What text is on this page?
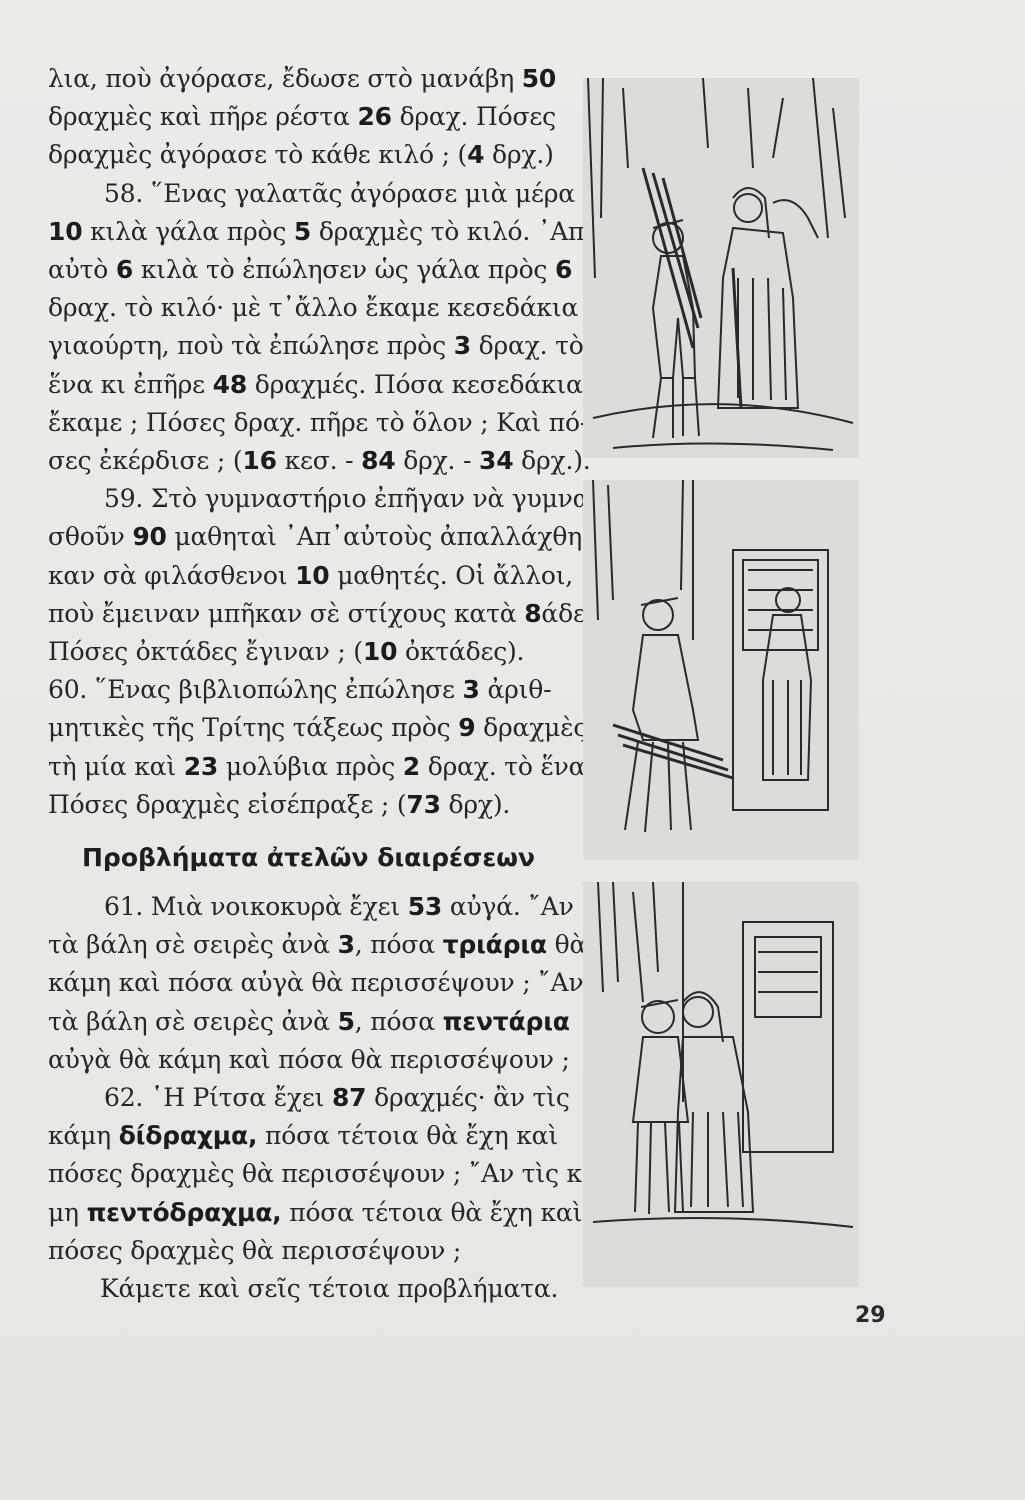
λια, ποὺ ἀγόρασε, ἔδωσε στὸ μανάβη 50
δραχμὲς καὶ πῆρε ρέστα 26 δραχ. Πόσες
δραχμὲς ἀγόρασε τὸ κάθε κιλό ; (4 δρχ.)
58. ῞Ενας γαλατᾶς ἀγόρασε μιὰ μέρα
10 κιλὰ γάλα πρὸς 5 δραχμὲς τὸ κιλό. ᾽Απ᾽
αὐτὸ 6 κιλὰ τὸ ἐπώλησεν ὡς γάλα πρὸς 6
δραχ. τὸ κιλό· μὲ τ᾽ἄλλο ἔκαμε κεσεδάκια
γιαούρτη, ποὺ τὰ ἐπώλησε πρὸς 3 δραχ. τὸ
ἕνα κι ἐπῆρε 48 δραχμές. Πόσα κεσεδάκια
ἔκαμε ; Πόσες δραχ. πῆρε τὸ ὅλον ; Καὶ πό-
σες ἐκέρδισε ; (16 κεσ. - 84 δρχ. - 34 δρχ.).
59. Στὸ γυμναστήριο ἐπῆγαν νὰ γυμνα-
σθοῦν 90 μαθηταὶ ᾽Απ᾽αὐτοὺς ἀπαλλάχθη-
καν σὰ φιλάσθενοι 10 μαθητές. Οἱ ἄλλοι,
ποὺ ἔμειναν μπῆκαν σὲ στίχους κατὰ 8άδες.
Πόσες ὀκτάδες ἔγιναν ; (10 ὀκτάδες).
60. ῞Ενας βιβλιοπώλης ἐπώλησε 3 ἀριθ-
μητικὲς τῆς Τρίτης τάξεως πρὸς 9 δραχμὲς
τὴ μία καὶ 23 μολύβια πρὸς 2 δραχ. τὸ ἕνα.
Πόσες δραχμὲς εἰσέπραξε ; (73 δρχ).
Προβλήματα ἀτελῶν διαιρέσεων
61. Μιὰ νοικοκυρὰ ἔχει 53 αὐγά. ῎Αν
τὰ βάλη σὲ σειρὲς ἀνὰ 3, πόσα τριάρια θὰ
κάμη καὶ πόσα αὐγὰ θὰ περισσέψουν ; ῎Αν
τὰ βάλη σὲ σειρὲς ἀνὰ 5, πόσα πεντάρια
αὐγὰ θὰ κάμη καὶ πόσα θὰ περισσέψουν ;
62. ῾Η Ρίτσα ἔχει 87 δραχμές· ἂν τὶς
κάμη δίδραχμα, πόσα τέτοια θὰ ἔχη καὶ
πόσες δραχμὲς θὰ περισσέψουν ; ῎Αν τὶς κά-
μη πεντόδραχμα, πόσα τέτοια θὰ ἔχη καὶ
πόσες δραχμὲς θὰ περισσέψουν ;
Κάμετε καὶ σεῖς τέτοια προβλήματα.
29
